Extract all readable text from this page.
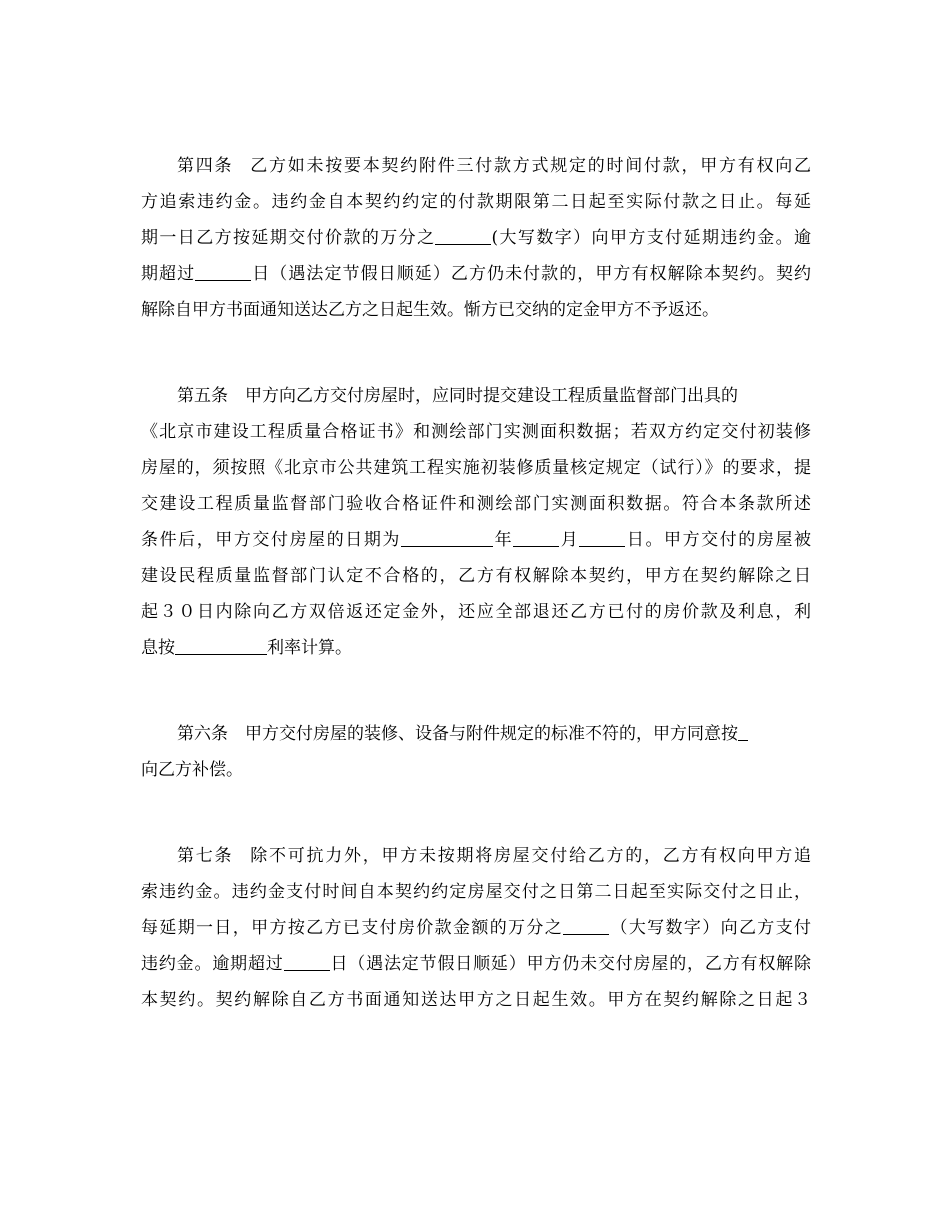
第四条 乙方如未按要本契约附件三付款方式规定的时间付款，甲方有权向乙
方追索违约金。违约金自本契约约定的付款期限第二日起至实际付款之日止。每延
期一日乙方按延期交付价款的万分之	(大写数字）向甲方支付延期违约金。逾
期超过	日（遇法定节假日顺延）乙方仍未付款的，甲方有权解除本契约。契约
解除自甲方书面通知送达乙方之日起生效。惭方已交纳的定金甲方不予返还。
第五条 甲方向乙方交付房屋时，应同时提交建设工程质量监督部门出具的
《北京市建设工程质量合格证书》和测绘部门实测面积数据；若双方约定交付初装修
房屋的，须按照《北京市公共建筑工程实施初装修质量核定规定（试行）》的要求，提
交建设工程质量监督部门验收合格证件和测绘部门实测面积数据。符合本条款所述
条件后，甲方交付房屋的日期为	年	月	日。甲方交付的房屋被
建设民程质量监督部门认定不合格的，乙方有权解除本契约，甲方在契约解除之日
起３０日内除向乙方双倍返还定金外，还应全部退还乙方已付的房价款及利息，利
息按	利率计算。
第六条 甲方交付房屋的装修、设备与附件规定的标准不符的，甲方同意按
向乙方补偿。
第七条 除不可抗力外，甲方未按期将房屋交付给乙方的，乙方有权向甲方追
索违约金。违约金支付时间自本契约约定房屋交付之日第二日起至实际交付之日止，
每延期一日，甲方按乙方已支付房价款金额的万分之	（大写数字）向乙方支付
违约金。逾期超过	日（遇法定节假日顺延）甲方仍未交付房屋的，乙方有权解除
本契约。契约解除自乙方书面通知送达甲方之日起生效。甲方在契约解除之日起３
